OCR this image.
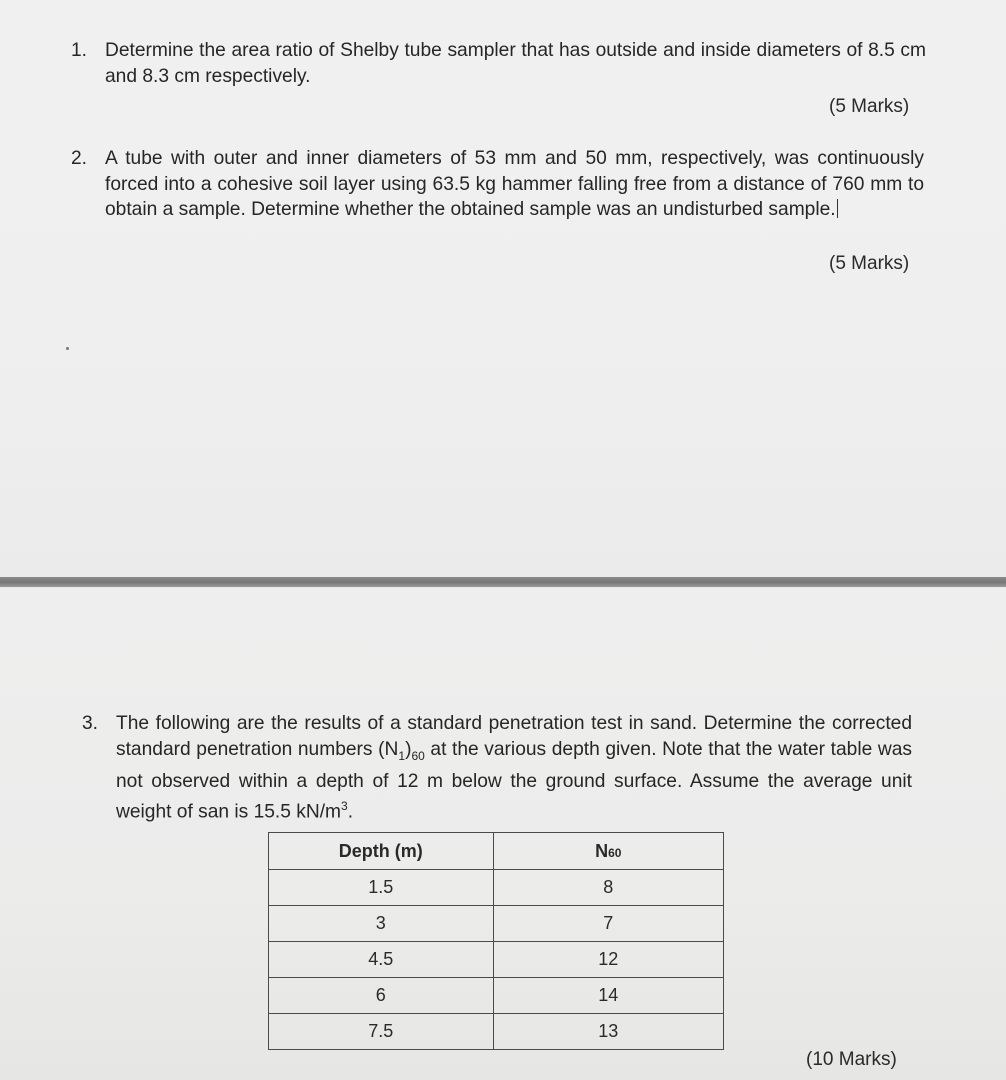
1. Determine the area ratio of Shelby tube sampler that has outside and inside diameters of 8.5 cm and 8.3 cm respectively.
(5 Marks)
2. A tube with outer and inner diameters of 53 mm and 50 mm, respectively, was continuously forced into a cohesive soil layer using 63.5 kg hammer falling free from a distance of 760 mm to obtain a sample. Determine whether the obtained sample was an undisturbed sample.
(5 Marks)
3. The following are the results of a standard penetration test in sand. Determine the corrected standard penetration numbers $(N_1)_{60}$ at the various depth given. Note that the water table was not observed within a depth of 12 m below the ground surface. Assume the average unit weight of san is 15.5 $kN/m^3$.
Depth (m)	N60
1.5	8
3	7
4.5	12
6	14
7.5	13
(10 Marks)
